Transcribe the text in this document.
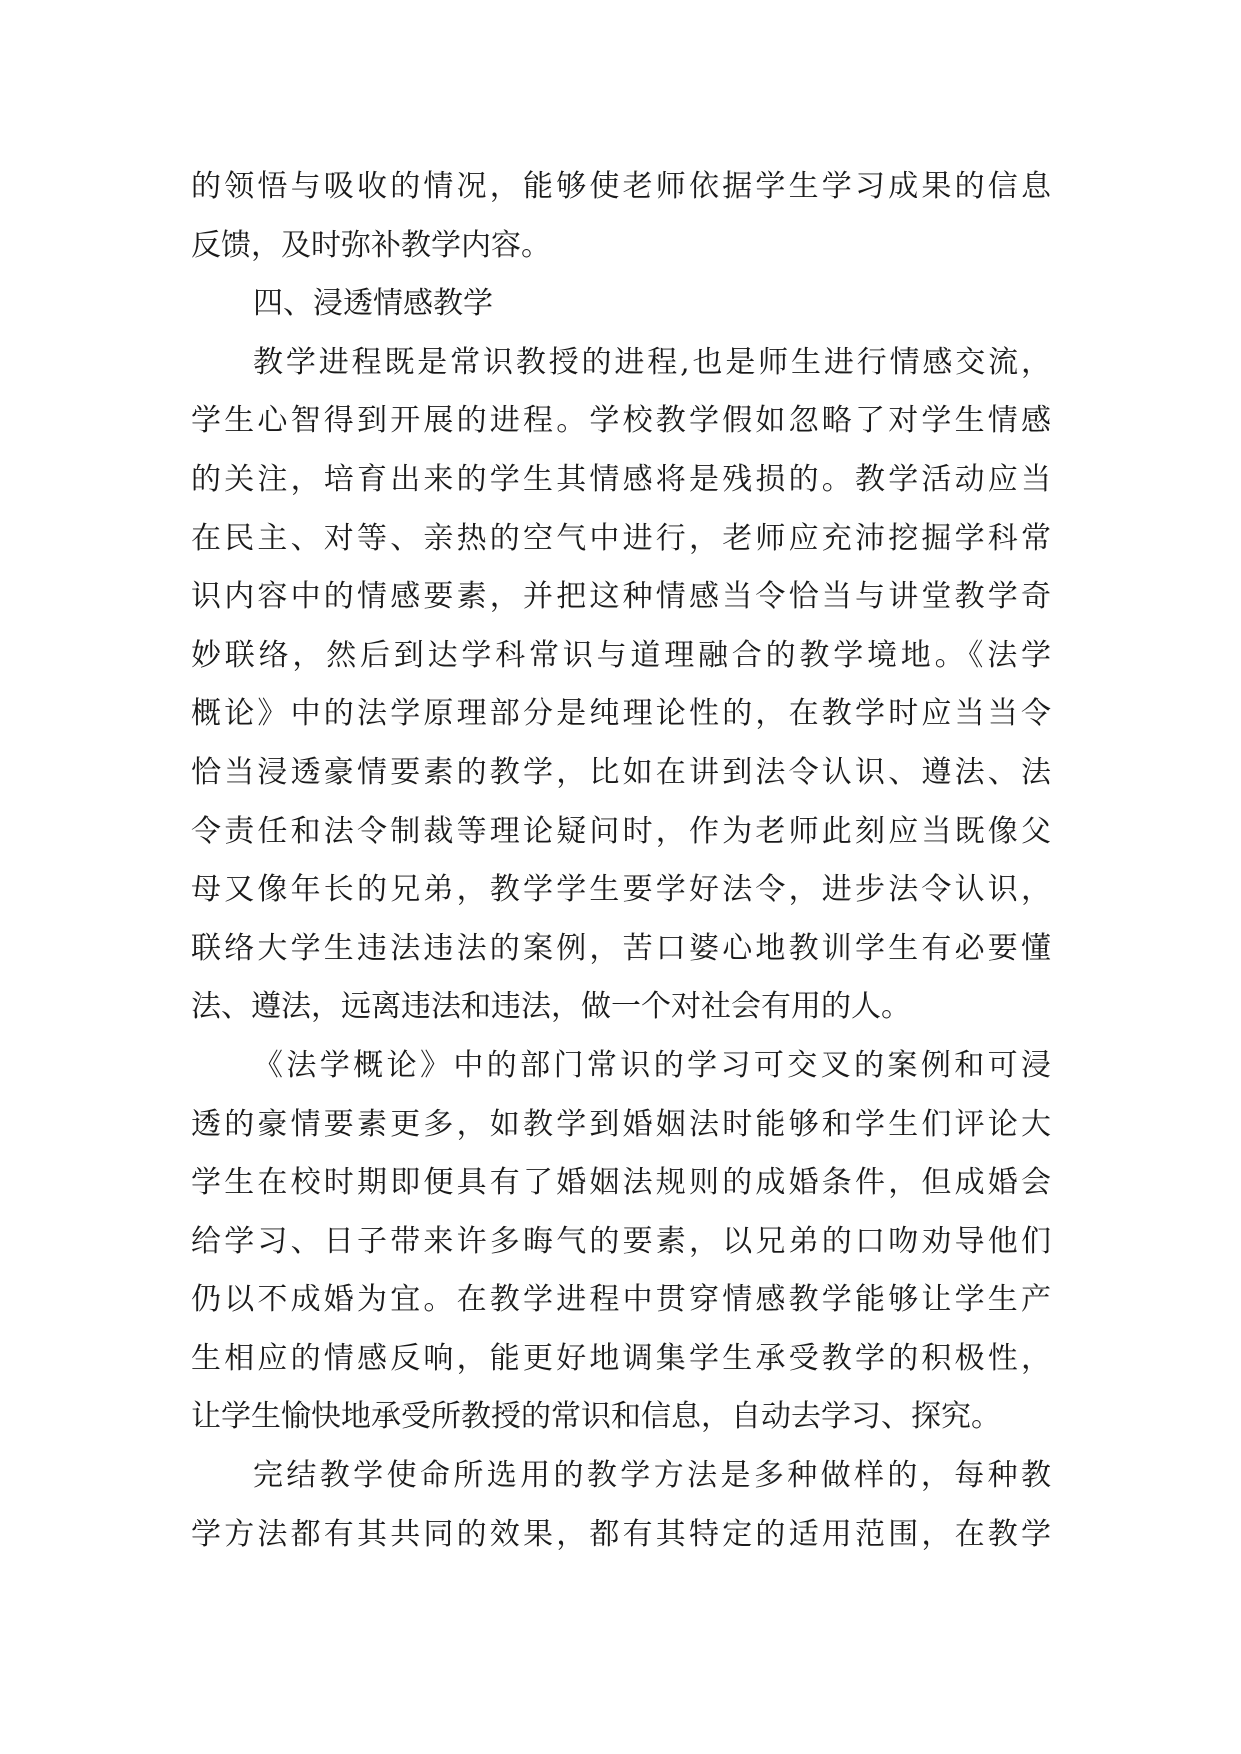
的领悟与吸收的情况，能够使老师依据学生学习成果的信息
反馈，及时弥补教学内容。
四、浸透情感教学
教学进程既是常识教授的进程,也是师生进行情感交流，
学生心智得到开展的进程。学校教学假如忽略了对学生情感
的关注，培育出来的学生其情感将是残损的。教学活动应当
在民主、对等、亲热的空气中进行，老师应充沛挖掘学科常
识内容中的情感要素，并把这种情感当令恰当与讲堂教学奇
妙联络，然后到达学科常识与道理融合的教学境地。《法学
概论》中的法学原理部分是纯理论性的，在教学时应当当令
恰当浸透豪情要素的教学，比如在讲到法令认识、遵法、法
令责任和法令制裁等理论疑问时，作为老师此刻应当既像父
母又像年长的兄弟，教学学生要学好法令，进步法令认识，
联络大学生违法违法的案例，苦口婆心地教训学生有必要懂
法、遵法，远离违法和违法，做一个对社会有用的人。
《法学概论》中的部门常识的学习可交叉的案例和可浸
透的豪情要素更多，如教学到婚姻法时能够和学生们评论大
学生在校时期即便具有了婚姻法规则的成婚条件，但成婚会
给学习、日子带来许多晦气的要素，以兄弟的口吻劝导他们
仍以不成婚为宜。在教学进程中贯穿情感教学能够让学生产
生相应的情感反响，能更好地调集学生承受教学的积极性，
让学生愉快地承受所教授的常识和信息，自动去学习、探究。
完结教学使命所选用的教学方法是多种做样的，每种教
学方法都有其共同的效果，都有其特定的适用范围，在教学
